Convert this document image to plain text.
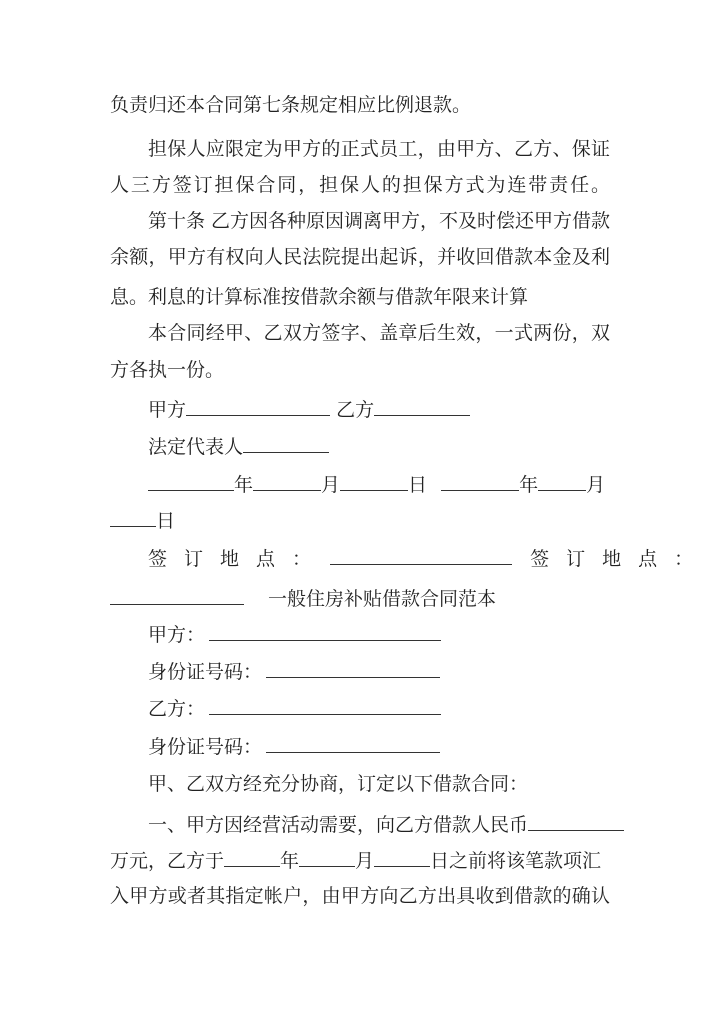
负责归还本合同第七条规定相应比例退款。
担保人应限定为甲方的正式员工，由甲方、乙方、保证
人三方签订担保合同，担保人的担保方式为连带责任。
第十条 乙方因各种原因调离甲方，不及时偿还甲方借款
余额，甲方有权向人民法院提出起诉，并收回借款本金及利
息。利息的计算标准按借款余额与借款年限来计算
本合同经甲、乙双方签字、盖章后生效，一式两份，双
方各执一份。
甲方	乙方
法定代表人
年	月	日	年	月
日
签订地点：	签订地点：
一般住房补贴借款合同范本
甲方：
身份证号码：
乙方：
身份证号码：
甲、乙双方经充分协商，订定以下借款合同：
一、甲方因经营活动需要，向乙方借款人民币
万元，乙方于	年	月	日之前将该笔款项汇
入甲方或者其指定帐户，由甲方向乙方出具收到借款的确认
